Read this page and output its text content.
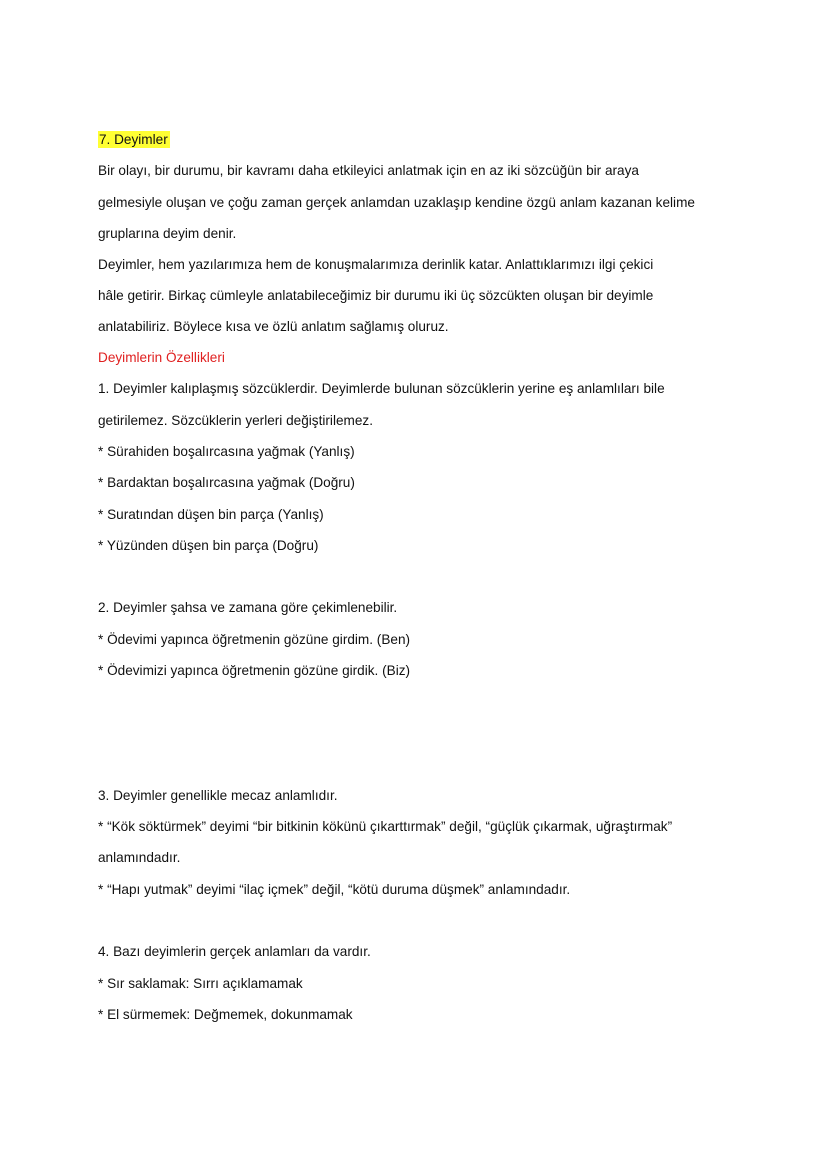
7. Deyimler
Bir olayı, bir durumu, bir kavramı daha etkileyici anlatmak için en az iki sözcüğün bir araya
gelmesiyle oluşan ve çoğu zaman gerçek anlamdan uzaklaşıp kendine özgü anlam kazanan kelime
gruplarına deyim denir.
Deyimler, hem yazılarımıza hem de konuşmalarımıza derinlik katar. Anlattıklarımızı ilgi çekici
hâle getirir. Birkaç cümleyle anlatabileceğimiz bir durumu iki üç sözcükten oluşan bir deyimle
anlatabiliriz. Böylece kısa ve özlü anlatım sağlamış oluruz.
Deyimlerin Özellikleri
1. Deyimler kalıplaşmış sözcüklerdir. Deyimlerde bulunan sözcüklerin yerine eş anlamlıları bile
getirilemez. Sözcüklerin yerleri değiştirilemez.
* Sürahiden boşalırcasına yağmak (Yanlış)
* Bardaktan boşalırcasına yağmak (Doğru)
* Suratından düşen bin parça (Yanlış)
* Yüzünden düşen bin parça (Doğru)
2. Deyimler şahsa ve zamana göre çekimlenebilir.
* Ödevimi yapınca öğretmenin gözüne girdim. (Ben)
* Ödevimizi yapınca öğretmenin gözüne girdik. (Biz)
3. Deyimler genellikle mecaz anlamlıdır.
* “Kök söktürmek” deyimi “bir bitkinin kökünü çıkarttırmak” değil, “güçlük çıkarmak, uğraştırmak”
anlamındadır.
* “Hapı yutmak” deyimi “ilaç içmek” değil, “kötü duruma düşmek” anlamındadır.
4. Bazı deyimlerin gerçek anlamları da vardır.
* Sır saklamak: Sırrı açıklamamak
* El sürmemek: Değmemek, dokunmamak
